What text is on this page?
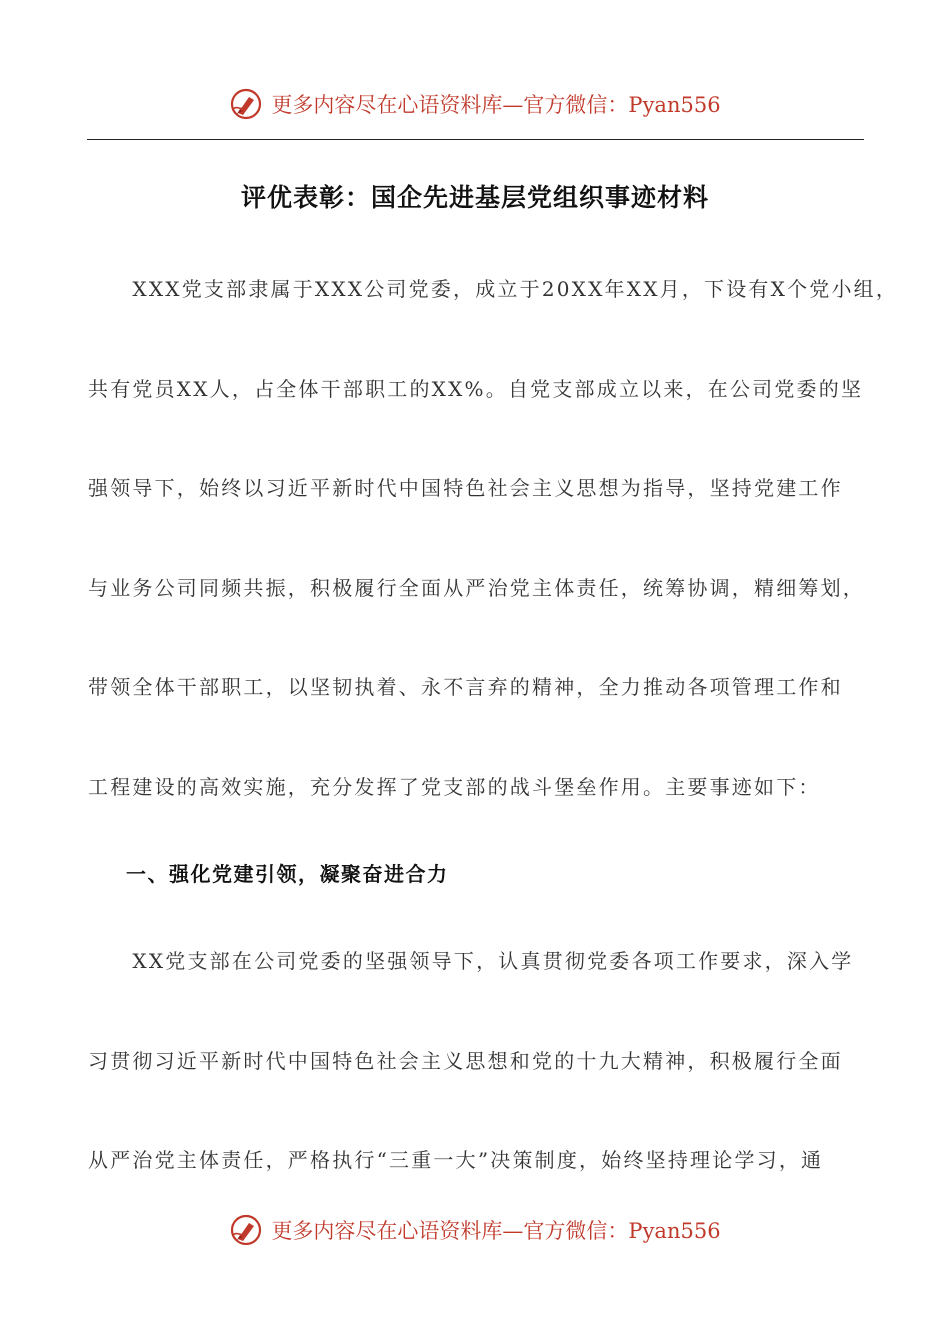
更多内容尽在心语资料库—官方微信：Pyan556
评优表彰：国企先进基层党组织事迹材料
　　XXX党支部隶属于XXX公司党委，成立于20XX年XX月，下设有X个党小组，
共有党员XX人，占全体干部职工的XX%。自党支部成立以来，在公司党委的坚
强领导下，始终以习近平新时代中国特色社会主义思想为指导，坚持党建工作
与业务公司同频共振，积极履行全面从严治党主体责任，统筹协调，精细筹划，
带领全体干部职工，以坚韧执着、永不言弃的精神，全力推动各项管理工作和
工程建设的高效实施，充分发挥了党支部的战斗堡垒作用。主要事迹如下：
一、强化党建引领，凝聚奋进合力
　　XX党支部在公司党委的坚强领导下，认真贯彻党委各项工作要求，深入学
习贯彻习近平新时代中国特色社会主义思想和党的十九大精神，积极履行全面
从严治党主体责任，严格执行“三重一大”决策制度，始终坚持理论学习，通
更多内容尽在心语资料库—官方微信：Pyan556
